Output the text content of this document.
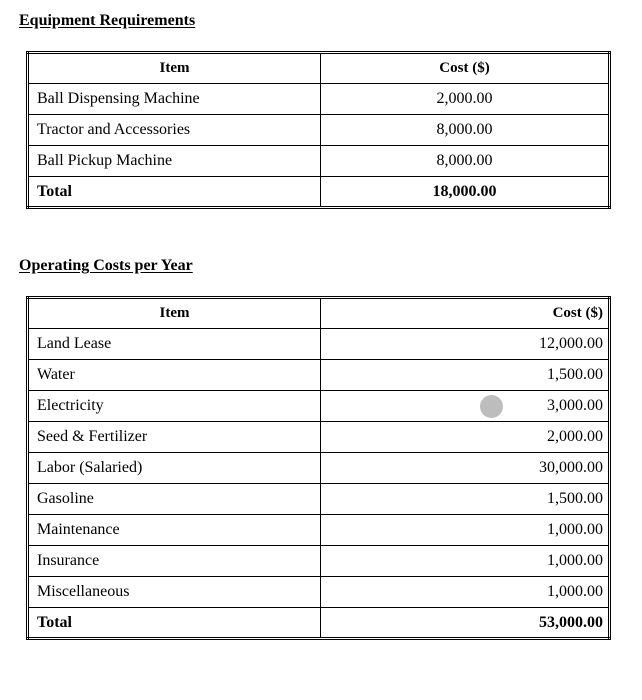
Equipment Requirements
Item	Cost ($)
Ball Dispensing Machine	2,000.00
Tractor and Accessories	8,000.00
Ball Pickup Machine	8,000.00
Total	18,000.00
Operating Costs per Year
Item	Cost ($)
Land Lease	12,000.00
Water	1,500.00
Electricity	3,000.00
Seed & Fertilizer	2,000.00
Labor (Salaried)	30,000.00
Gasoline	1,500.00
Maintenance	1,000.00
Insurance	1,000.00
Miscellaneous	1,000.00
Total	53,000.00
